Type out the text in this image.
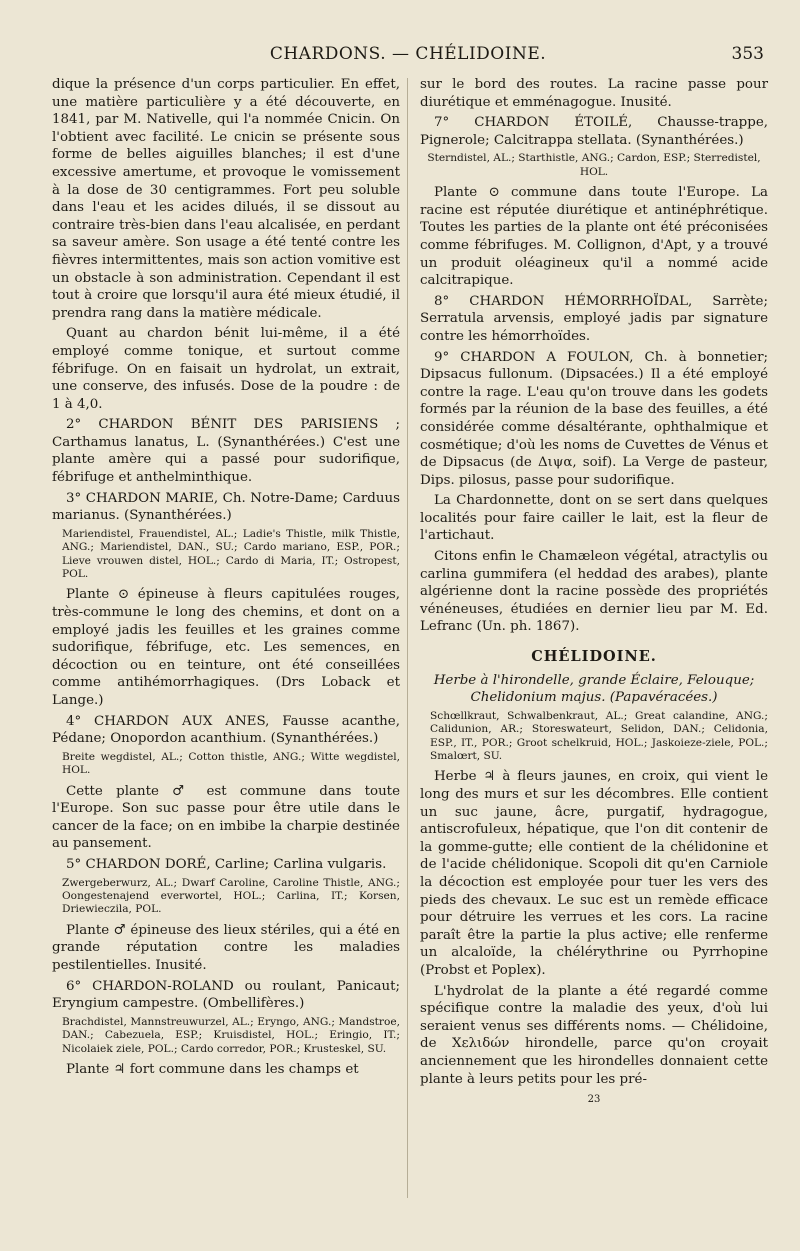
CHARDONS. — CHÉLIDOINE.	353

dique la présence d'un corps particulier. En effet, une matière particulière y a été découverte, en 1841, par M. Nativelle, qui l'a nommée Cnicin. On l'obtient avec facilité. Le cnicin se présente sous forme de belles aiguilles blanches; il est d'une excessive amertume, et provoque le vomissement à la dose de 30 centigrammes. Fort peu soluble dans l'eau et les acides dilués, il se dissout au contraire très-bien dans l'eau alcalisée, en perdant sa saveur amère. Son usage a été tenté contre les fièvres intermittentes, mais son action vomitive est un obstacle à son administration. Cependant il est tout à croire que lorsqu'il aura été mieux étudié, il prendra rang dans la matière médicale.

Quant au chardon bénit lui-même, il a été employé comme tonique, et surtout comme fébrifuge. On en faisait un hydrolat, un extrait, une conserve, des infusés. Dose de la poudre : de 1 à 4,0.

2° CHARDON BÉNIT DES PARISIENS ; Carthamus lanatus, L. (Synanthérées.) C'est une plante amère qui a passé pour sudorifique, fébrifuge et anthelminthique.

3° CHARDON MARIE, Ch. Notre-Dame; Carduus marianus. (Synanthérées.)

Mariendistel, Frauendistel, AL.; Ladie's Thistle, milk Thistle, ANG.; Mariendistel, DAN., SU.; Cardo mariano, ESP., POR.; Lieve vrouwen distel, HOL.; Cardo di Maria, IT.; Ostropest, POL.

Plante ⊙ épineuse à fleurs capitulées rouges, très-commune le long des chemins, et dont on a employé jadis les feuilles et les graines comme sudorifique, fébrifuge, etc. Les semences, en décoction ou en teinture, ont été conseillées comme antihémorrhagiques. (Drs Loback et Lange.)

4° CHARDON AUX ANES, Fausse acanthe, Pédane; Onopordon acanthium. (Synanthérées.)

Breite wegdistel, AL.; Cotton thistle, ANG.; Witte wegdistel, HOL.

Cette plante ♂ est commune dans toute l'Europe. Son suc passe pour être utile dans le cancer de la face; on en imbibe la charpie destinée au pansement.

5° CHARDON DORÉ, Carline; Carlina vulgaris.

Zwergeberwurz, AL.; Dwarf Caroline, Caroline Thistle, ANG.; Oongestenajend everwortel, HOL.; Carlina, IT.; Korsen, Driewieczila, POL.

Plante ♂ épineuse des lieux stériles, qui a été en grande réputation contre les maladies pestilentielles. Inusité.

6° CHARDON-ROLAND ou roulant, Panicaut; Eryngium campestre. (Ombellifères.)

Brachdistel, Mannstreuwurzel, AL.; Eryngo, ANG.; Mandstroe, DAN.; Cabezuela, ESP.; Kruisdistel, HOL.; Eringio, IT.; Nicolaiek ziele, POL.; Cardo corredor, POR.; Krusteskel, SU.

Plante ♃ fort commune dans les champs et

sur le bord des routes. La racine passe pour diurétique et emménagogue. Inusité.

7° CHARDON ÉTOILÉ, Chausse-trappe, Pignerole; Calcitrappa stellata. (Synanthérées.)

Sterndistel, AL.; Starthistle, ANG.; Cardon, ESP.; Sterredistel, HOL.

Plante ⊙ commune dans toute l'Europe. La racine est réputée diurétique et antinéphrétique. Toutes les parties de la plante ont été préconisées comme fébrifuges. M. Collignon, d'Apt, y a trouvé un produit oléagineux qu'il a nommé acide calcitrapique.

8° CHARDON HÉMORRHOÏDAL, Sarrète; Serratula arvensis, employé jadis par signature contre les hémorrhoïdes.

9° CHARDON A FOULON, Ch. à bonnetier; Dipsacus fullonum. (Dipsacées.) Il a été employé contre la rage. L'eau qu'on trouve dans les godets formés par la réunion de la base des feuilles, a été considérée comme désaltérante, ophthalmique et cosmétique; d'où les noms de Cuvettes de Vénus et de Dipsacus (de Διψα, soif). La Verge de pasteur, Dips. pilosus, passe pour sudorifique.

La Chardonnette, dont on se sert dans quelques localités pour faire cailler le lait, est la fleur de l'artichaut.

Citons enfin le Chamæleon végétal, atractylis ou carlina gummifera (el heddad des arabes), plante algérienne dont la racine possède des propriétés vénéneuses, étudiées en dernier lieu par M. Ed. Lefranc (Un. ph. 1867).

CHÉLIDOINE.

Herbe à l'hirondelle, grande Éclaire, Felouque; Chelidonium majus. (Papavéracées.)

Schœllkraut, Schwalbenkraut, AL.; Great calandine, ANG.; Calidunion, AR.; Storeswateurt, Selidon, DAN.; Celidonia, ESP., IT., POR.; Groot schelkruid, HOL.; Jaskoieze-ziele, POL.; Smalœrt, SU.

Herbe ♃ à fleurs jaunes, en croix, qui vient le long des murs et sur les décombres. Elle contient un suc jaune, âcre, purgatif, hydragogue, antiscrofuleux, hépatique, que l'on dit contenir de la gomme-gutte; elle contient de la chélidonine et de l'acide chélidonique. Scopoli dit qu'en Carniole la décoction est employée pour tuer les vers des pieds des chevaux. Le suc est un remède efficace pour détruire les verrues et les cors. La racine paraît être la partie la plus active; elle renferme un alcaloïde, la chélérythrine ou Pyrrhopine (Probst et Poplex).

L'hydrolat de la plante a été regardé comme spécifique contre la maladie des yeux, d'où lui seraient venus ses différents noms. — Chélidoine, de Χελιδών hirondelle, parce qu'on croyait anciennement que les hirondelles donnaient cette plante à leurs petits pour les pré-

23
